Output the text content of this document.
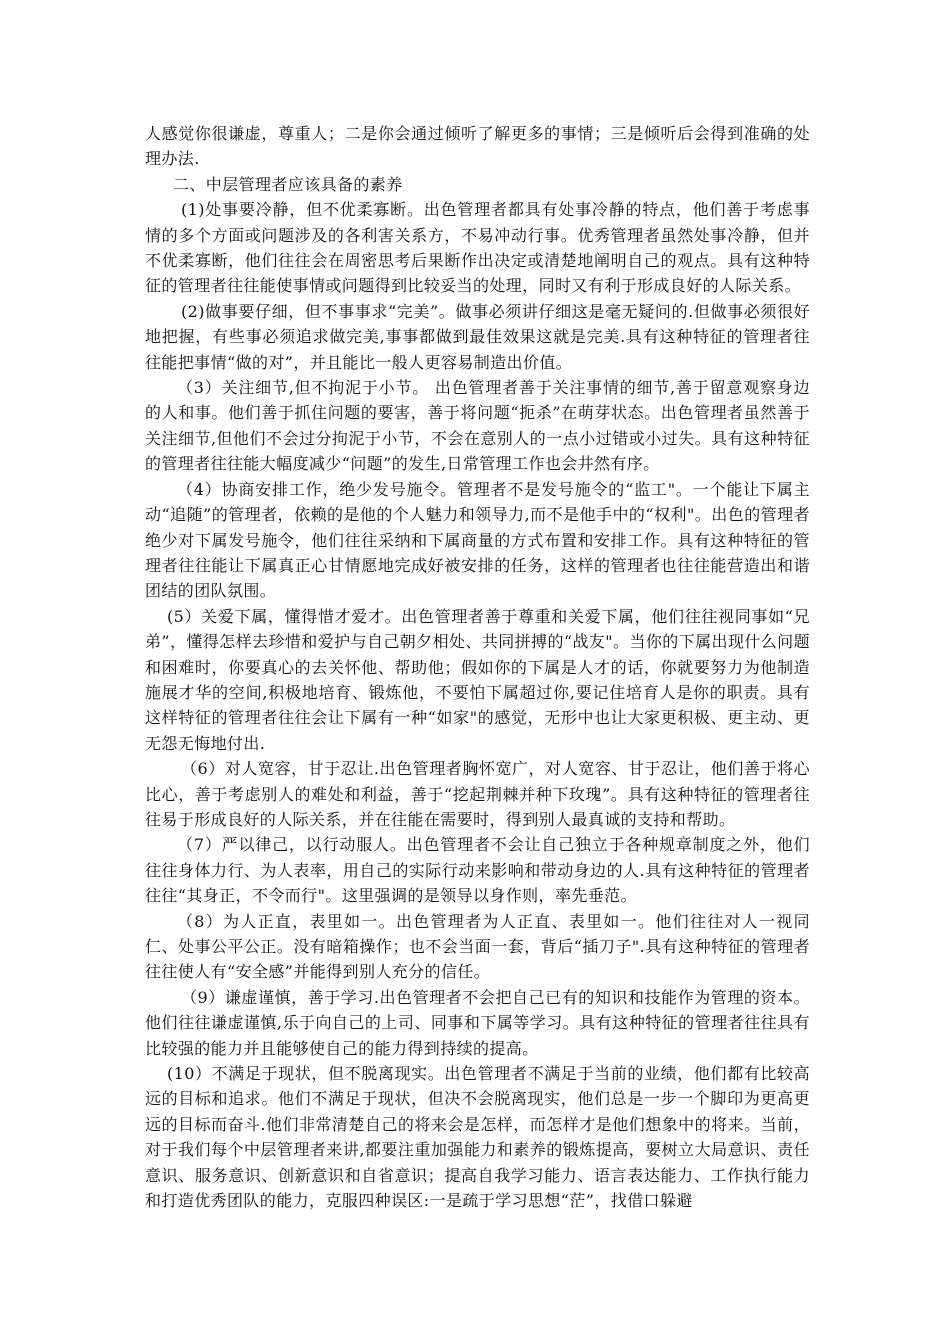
人感觉你很谦虚，尊重人；二是你会通过倾听了解更多的事情；三是倾听后会得到准确的处理办法.

二、中层管理者应该具备的素养

(1)处事要冷静，但不优柔寡断。出色管理者都具有处事冷静的特点，他们善于考虑事情的多个方面或问题涉及的各利害关系方，不易冲动行事。优秀管理者虽然处事冷静，但并不优柔寡断，他们往往会在周密思考后果断作出决定或清楚地阐明自己的观点。具有这种特征的管理者往往能使事情或问题得到比较妥当的处理，同时又有利于形成良好的人际关系。

(2)做事要仔细，但不事事求“完美”。做事必须讲仔细这是毫无疑问的.但做事必须很好地把握，有些事必须追求做完美,事事都做到最佳效果这就是完美.具有这种特征的管理者往往能把事情“做的对”，并且能比一般人更容易制造出价值。

（3）关注细节,但不拘泥于小节。 出色管理者善于关注事情的细节,善于留意观察身边的人和事。他们善于抓住问题的要害，善于将问题“扼杀”在萌芽状态。出色管理者虽然善于关注细节,但他们不会过分拘泥于小节，不会在意别人的一点小过错或小过失。具有这种特征的管理者往往能大幅度减少“问题”的发生,日常管理工作也会井然有序。

（4）协商安排工作，绝少发号施令。管理者不是发号施令的“监工"。一个能让下属主动“追随”的管理者，依赖的是他的个人魅力和领导力,而不是他手中的“权利"。出色的管理者绝少对下属发号施令，他们往往采纳和下属商量的方式布置和安排工作。具有这种特征的管理者往往能让下属真正心甘情愿地完成好被安排的任务，这样的管理者也往往能营造出和谐团结的团队氛围。

(5）关爱下属，懂得惜才爱才。出色管理者善于尊重和关爱下属，他们往往视同事如“兄弟”，懂得怎样去珍惜和爱护与自己朝夕相处、共同拼搏的“战友"。当你的下属出现什么问题和困难时，你要真心的去关怀他、帮助他；假如你的下属是人才的话，你就要努力为他制造施展才华的空间,积极地培育、锻炼他，不要怕下属超过你,要记住培育人是你的职责。具有这样特征的管理者往往会让下属有一种“如家"的感觉，无形中也让大家更积极、更主动、更无怨无悔地付出.

（6）对人宽容，甘于忍让.出色管理者胸怀宽广，对人宽容、甘于忍让，他们善于将心比心，善于考虑别人的难处和利益，善于“挖起荆棘并种下玫瑰”。具有这种特征的管理者往往易于形成良好的人际关系，并在往能在需要时，得到别人最真诚的支持和帮助。

（7）严以律己，以行动服人。出色管理者不会让自己独立于各种规章制度之外，他们往往身体力行、为人表率，用自己的实际行动来影响和带动身边的人.具有这种特征的管理者往往“其身正，不令而行"。这里强调的是领导以身作则，率先垂范。

（8）为人正直，表里如一。出色管理者为人正直、表里如一。他们往往对人一视同仁、处事公平公正。没有暗箱操作；也不会当面一套，背后“插刀子".具有这种特征的管理者往往使人有“安全感”并能得到别人充分的信任。

（9）谦虚谨慎，善于学习.出色管理者不会把自己已有的知识和技能作为管理的资本。他们往往谦虚谨慎,乐于向自己的上司、同事和下属等学习。具有这种特征的管理者往往具有比较强的能力并且能够使自己的能力得到持续的提高。

(10）不满足于现状，但不脱离现实。出色管理者不满足于当前的业绩，他们都有比较高远的目标和追求。他们不满足于现状，但决不会脱离现实，他们总是一步一个脚印为更高更远的目标而奋斗.他们非常清楚自己的将来会是怎样，而怎样才是他们想象中的将来。当前，对于我们每个中层管理者来讲,都要注重加强能力和素养的锻炼提高，要树立大局意识、责任意识、服务意识、创新意识和自省意识；提高自我学习能力、语言表达能力、工作执行能力和打造优秀团队的能力，克服四种误区:一是疏于学习思想“茫”，找借口躲避
